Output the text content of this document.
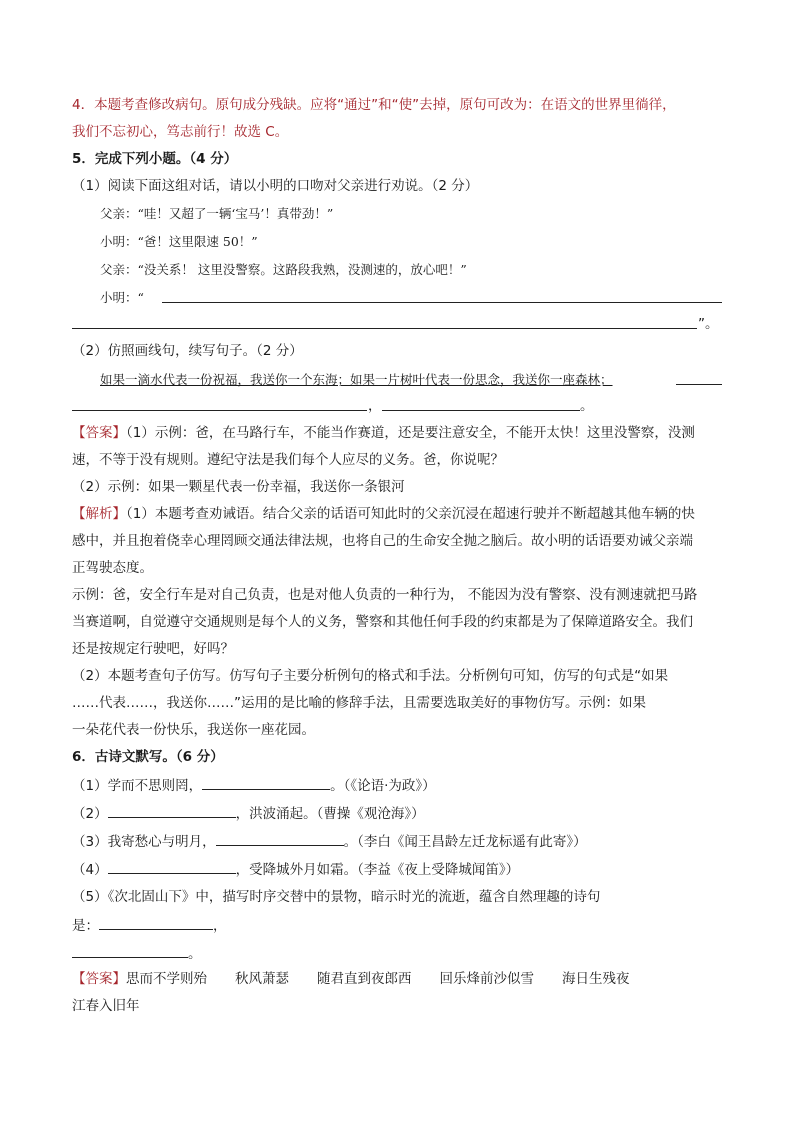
4．本题考查修改病句。原句成分残缺。应将“通过”和“使”去掉，原句可改为：在语文的世界里徜徉，
我们不忘初心，笃志前行！故选 C。
5．完成下列小题。（4 分）
（1）阅读下面这组对话，请以小明的口吻对父亲进行劝说。（2 分）
父亲：“哇！又超了一辆‘宝马’！真带劲！”
小明：“爸！这里限速 50！”
父亲：“没关系！ 这里没警察。这路段我熟，没测速的，放心吧！”
小明：“
”。
（2）仿照画线句，续写句子。（2 分）
如果一滴水代表一份祝福，我送你一个东海；如果一片树叶代表一份思念，我送你一座森林；
，	。
【答案】（1）示例：爸，在马路行车，不能当作赛道，还是要注意安全，不能开太快！这里没警察，没测
速，不等于没有规则。遵纪守法是我们每个人应尽的义务。爸，你说呢？
（2）示例：如果一颗星代表一份幸福，我送你一条银河
【解析】（1）本题考查劝诫语。结合父亲的话语可知此时的父亲沉浸在超速行驶并不断超越其他车辆的快
感中，并且抱着侥幸心理罔顾交通法律法规，也将自己的生命安全抛之脑后。故小明的话语要劝诫父亲端
正驾驶态度。
示例：爸，安全行车是对自己负责，也是对他人负责的一种行为， 不能因为没有警察、没有测速就把马路
当赛道啊，自觉遵守交通规则是每个人的义务，警察和其他任何手段的约束都是为了保障道路安全。我们
还是按规定行驶吧，好吗？
（2）本题考查句子仿写。仿写句子主要分析例句的格式和手法。分析例句可知，仿写的句式是“如果
……代表……，我送你……”运用的是比喻的修辞手法，且需要选取美好的事物仿写。示例：如果
一朵花代表一份快乐，我送你一座花园。
6．古诗文默写。（6 分）
（1）学而不思则罔，	。（《论语·为政》）
（2）	，洪波涌起。（曹操《观沧海》）
（3）我寄愁心与明月，	。（李白《闻王昌龄左迁龙标遥有此寄》）
（4）	，受降城外月如霜。（李益《夜上受降城闻笛》）
（5）《次北固山下》中，描写时序交替中的景物，暗示时光的流逝，蕴含自然理趣的诗句
是：	，
。
【答案】思而不学则殆 秋风萧瑟 随君直到夜郎西 回乐烽前沙似雪 海日生残夜
江春入旧年
